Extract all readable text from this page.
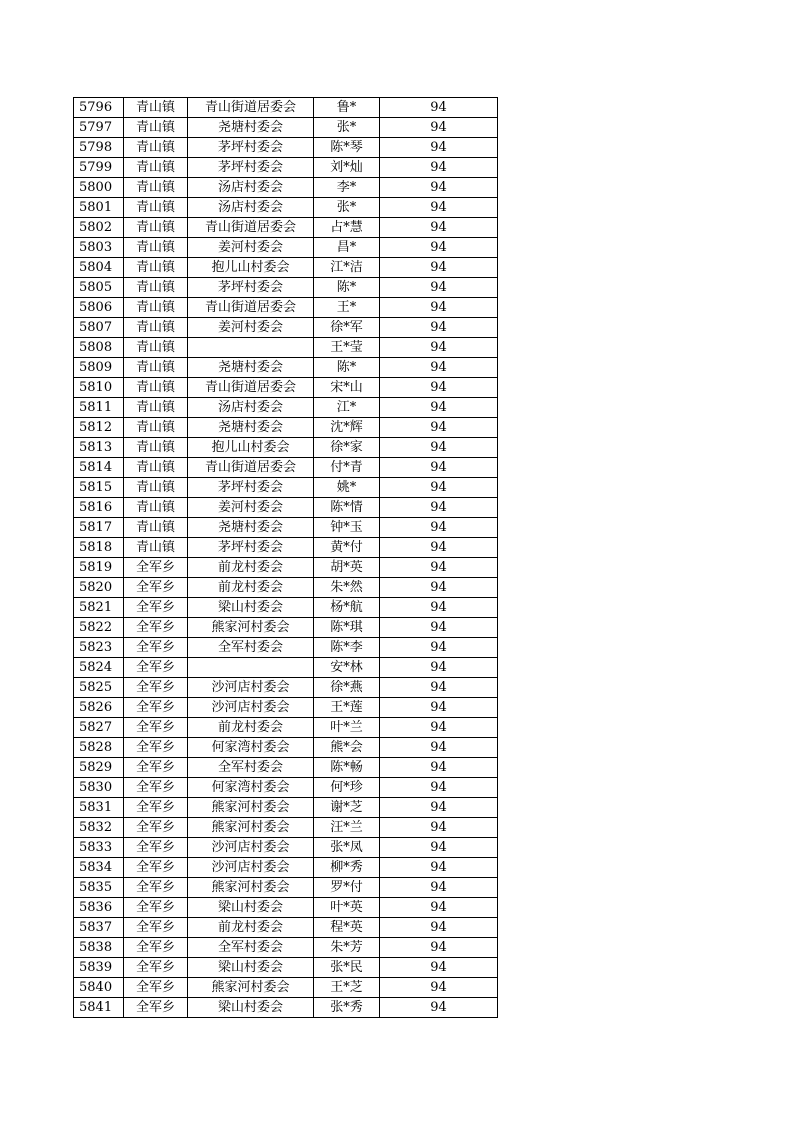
5796	青山镇	青山街道居委会	鲁*	94
5797	青山镇	尧塘村委会	张*	94
5798	青山镇	茅坪村委会	陈*琴	94
5799	青山镇	茅坪村委会	刘*灿	94
5800	青山镇	汤店村委会	李*	94
5801	青山镇	汤店村委会	张*	94
5802	青山镇	青山街道居委会	占*慧	94
5803	青山镇	姜河村委会	昌*	94
5804	青山镇	抱儿山村委会	江*洁	94
5805	青山镇	茅坪村委会	陈*	94
5806	青山镇	青山街道居委会	王*	94
5807	青山镇	姜河村委会	徐*军	94
5808	青山镇		王*莹	94
5809	青山镇	尧塘村委会	陈*	94
5810	青山镇	青山街道居委会	宋*山	94
5811	青山镇	汤店村委会	江*	94
5812	青山镇	尧塘村委会	沈*辉	94
5813	青山镇	抱儿山村委会	徐*家	94
5814	青山镇	青山街道居委会	付*青	94
5815	青山镇	茅坪村委会	姚*	94
5816	青山镇	姜河村委会	陈*情	94
5817	青山镇	尧塘村委会	钟*玉	94
5818	青山镇	茅坪村委会	黄*付	94
5819	全军乡	前龙村委会	胡*英	94
5820	全军乡	前龙村委会	朱*然	94
5821	全军乡	梁山村委会	杨*航	94
5822	全军乡	熊家河村委会	陈*琪	94
5823	全军乡	全军村委会	陈*李	94
5824	全军乡		安*林	94
5825	全军乡	沙河店村委会	徐*燕	94
5826	全军乡	沙河店村委会	王*莲	94
5827	全军乡	前龙村委会	叶*兰	94
5828	全军乡	何家湾村委会	熊*会	94
5829	全军乡	全军村委会	陈*畅	94
5830	全军乡	何家湾村委会	何*珍	94
5831	全军乡	熊家河村委会	谢*芝	94
5832	全军乡	熊家河村委会	汪*兰	94
5833	全军乡	沙河店村委会	张*凤	94
5834	全军乡	沙河店村委会	柳*秀	94
5835	全军乡	熊家河村委会	罗*付	94
5836	全军乡	梁山村委会	叶*英	94
5837	全军乡	前龙村委会	程*英	94
5838	全军乡	全军村委会	朱*芳	94
5839	全军乡	梁山村委会	张*民	94
5840	全军乡	熊家河村委会	王*芝	94
5841	全军乡	梁山村委会	张*秀	94
